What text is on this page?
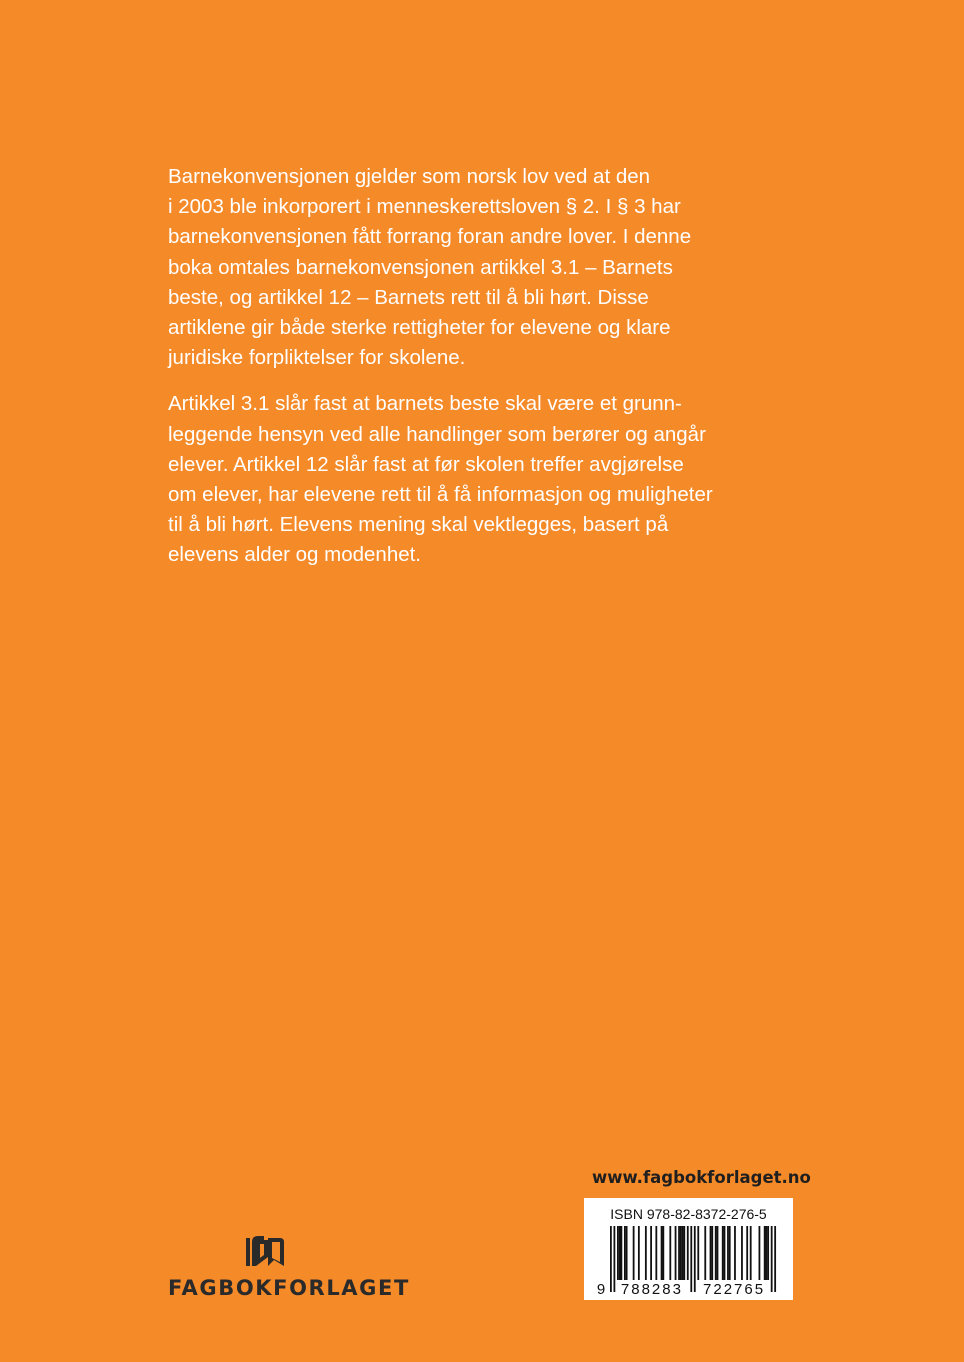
Barnekonvensjonen gjelder som norsk lov ved at den
i 2003 ble inkorporert i menneskerettsloven § 2. I § 3 har
barnekonvensjonen fått forrang foran andre lover. I denne
boka omtales barnekonvensjonen artikkel 3.1 – Barnets
beste, og artikkel 12 – Barnets rett til å bli hørt. Disse
artiklene gir både sterke rettigheter for elevene og klare
juridiske forpliktelser for skolene.
Artikkel 3.1 slår fast at barnets beste skal være et grunn-
leggende hensyn ved alle handlinger som berører og angår
elever. Artikkel 12 slår fast at før skolen treffer avgjørelse
om elever, har elevene rett til å få informasjon og muligheter
til å bli hørt. Elevens mening skal vektlegges, basert på
elevens alder og modenhet.
FAGBOKFORLAGET
www.fagbokforlaget.no
ISBN 978-82-8372-276-5
9 788283 722765
